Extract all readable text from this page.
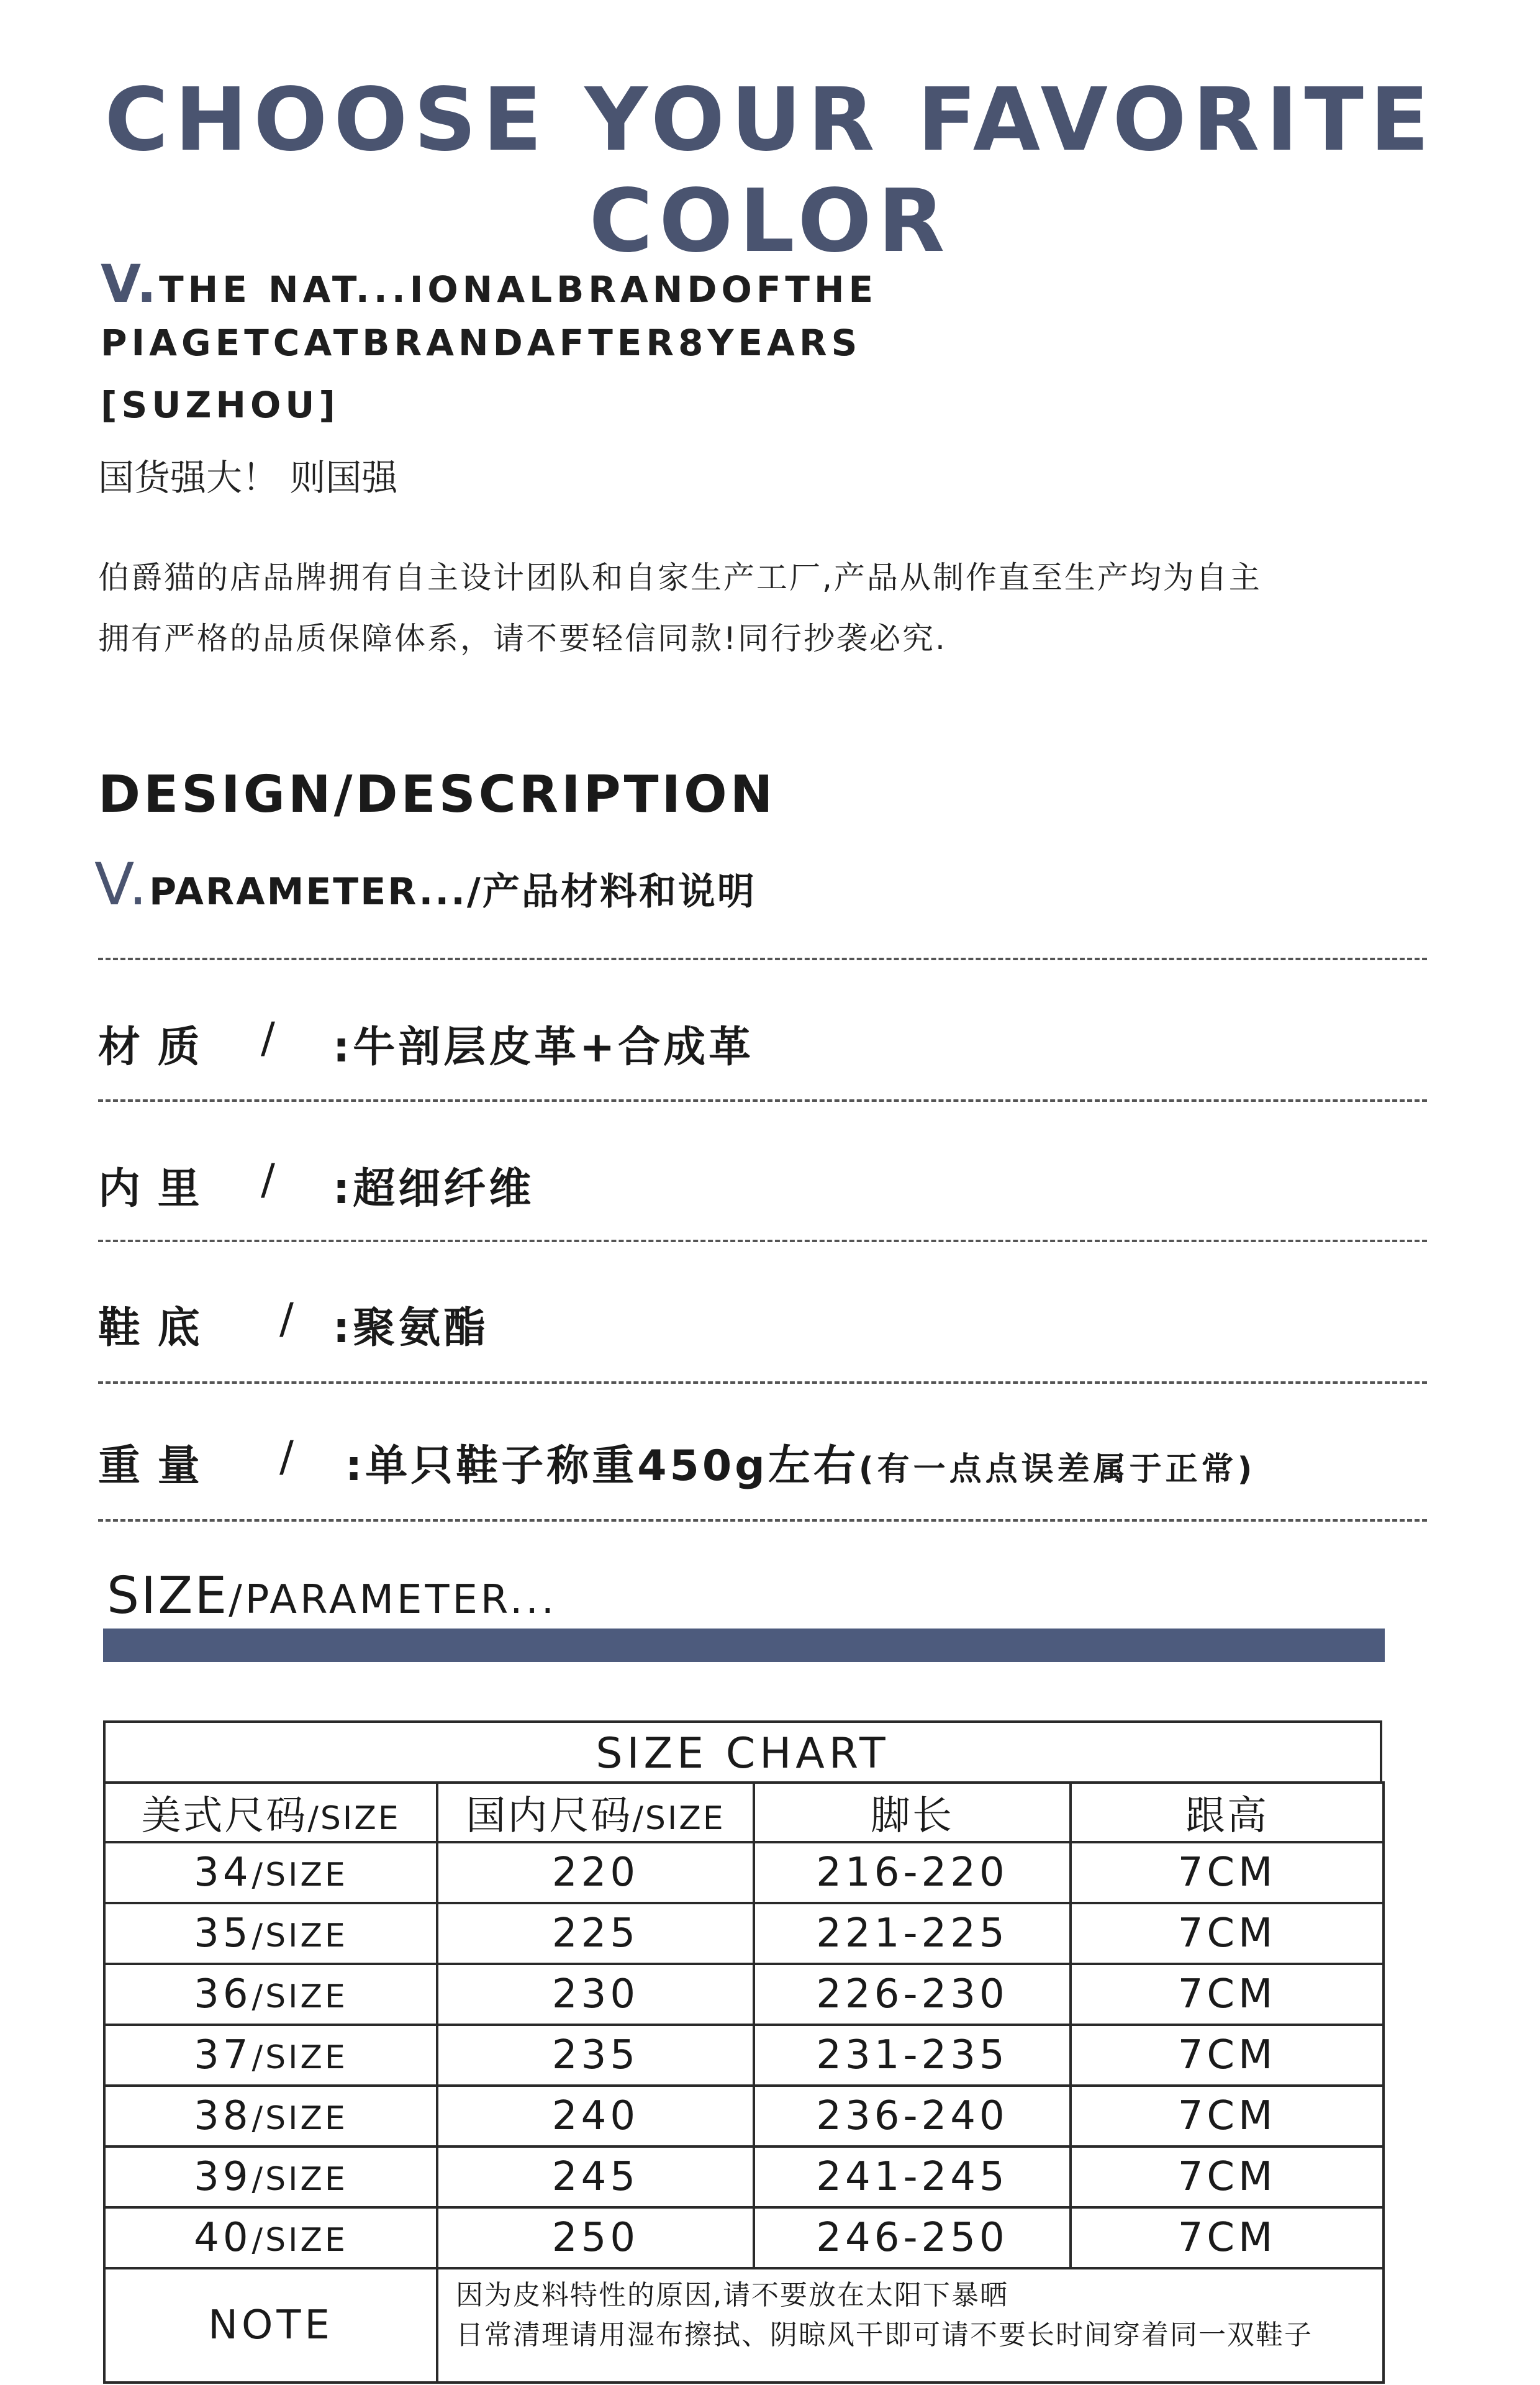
CHOOSE YOUR FAVORITE COLOR
V.THE NAT...IONALBRANDOFTHE
PIAGETCATBRANDAFTER8YEARS
[SUZHOU]
国货强大！ 则国强
伯爵猫的店品牌拥有自主设计团队和自家生产工厂,产品从制作直至生产均为自主
拥有严格的品质保障体系，请不要轻信同款!同行抄袭必究.
DESIGN/DESCRIPTION
V.PARAMETER.../产品材料和说明
材 质 / :牛剖层皮革+合成革
内 里 / :超细纤维
鞋 底 / :聚氨酯
重 量 / :单只鞋子称重450g左右(有一点点误差属于正常)
SIZE/PARAMETER...
SIZE CHART
美式尺码/SIZE	国内尺码/SIZE	脚长	跟高
34/SIZE	220	216-220	7CM
35/SIZE	225	221-225	7CM
36/SIZE	230	226-230	7CM
37/SIZE	235	231-235	7CM
38/SIZE	240	236-240	7CM
39/SIZE	245	241-245	7CM
40/SIZE	250	246-250	7CM
NOTE	因为皮料特性的原因,请不要放在太阳下暴晒
日常清理请用湿布擦拭、阴晾风干即可请不要长时间穿着同一双鞋子		
